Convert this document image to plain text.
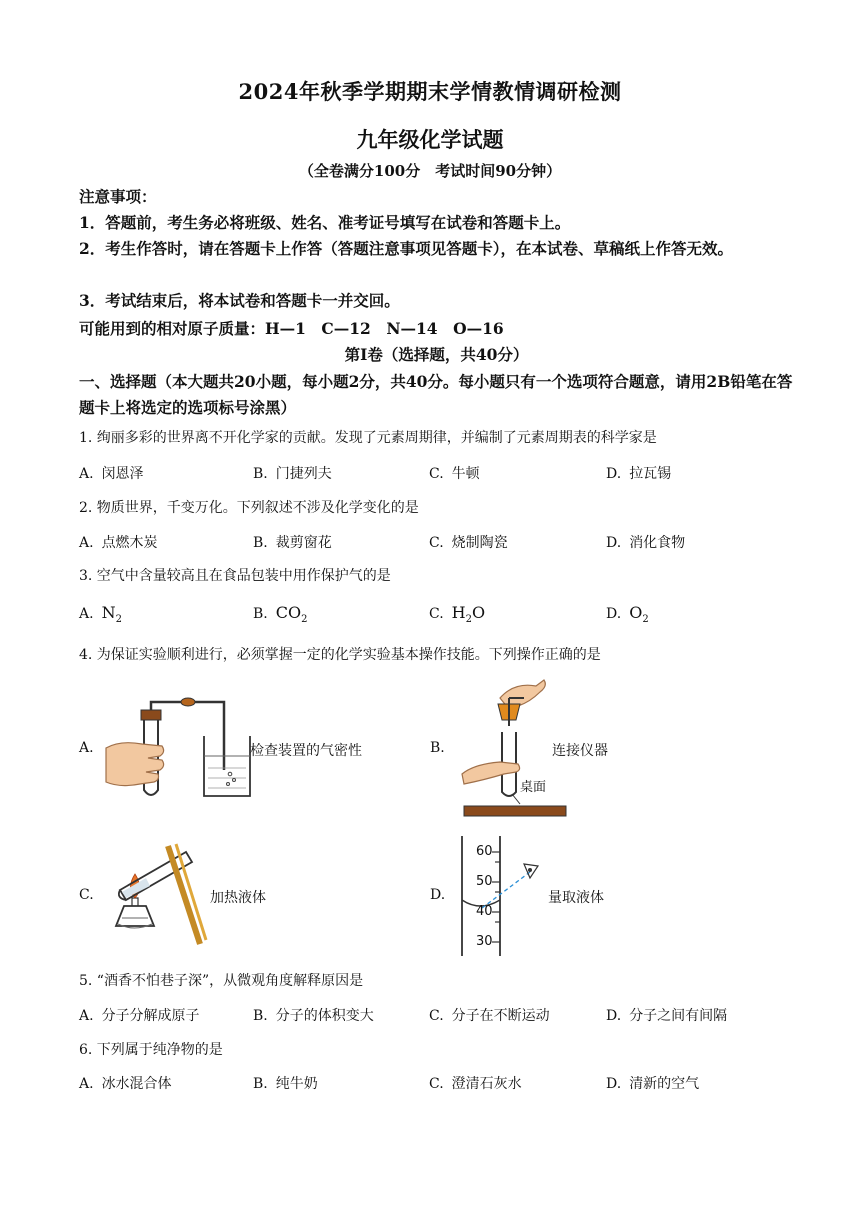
2024年秋季学期期末学情教情调研检测
九年级化学试题
（全卷满分100分　考试时间90分钟）
注意事项：
1．答题前，考生务必将班级、姓名、准考证号填写在试卷和答题卡上。
2．考生作答时，请在答题卡上作答（答题注意事项见答题卡），在本试卷、草稿纸上作答无效。
3．考试结束后，将本试卷和答题卡一并交回。
可能用到的相对原子质量：H—1　C—12　N—14　O—16
第Ⅰ卷（选择题，共40分）
一、选择题（本大题共20小题，每小题2分，共40分。每小题只有一个选项符合题意，请用2B铅笔在答题卡上将选定的选项标号涂黑）
1. 绚丽多彩的世界离不开化学家的贡献。发现了元素周期律，并编制了元素周期表的科学家是
A. 闵恩泽	B. 门捷列夫	C. 牛顿	D. 拉瓦锡
2. 物质世界，千变万化。下列叙述不涉及化学变化的是
A. 点燃木炭	B. 裁剪窗花	C. 烧制陶瓷	D. 消化食物
3. 空气中含量较高且在食品包装中用作保护气的是
A. $N_2$	B. $CO_2$	C. $H_2O$	D. $O_2$
4. 为保证实验顺利进行，必须掌握一定的化学实验基本操作技能。下列操作正确的是
A.	检查装置的气密性	B.
桌面
连接仪器
C.	加热液体	D.
60
50
40
30
量取液体
5. “酒香不怕巷子深”，从微观角度解释原因是
A. 分子分解成原子	B. 分子的体积变大	C. 分子在不断运动	D. 分子之间有间隔
6. 下列属于纯净物的是
A. 冰水混合体	B. 纯牛奶	C. 澄清石灰水	D. 清新的空气
